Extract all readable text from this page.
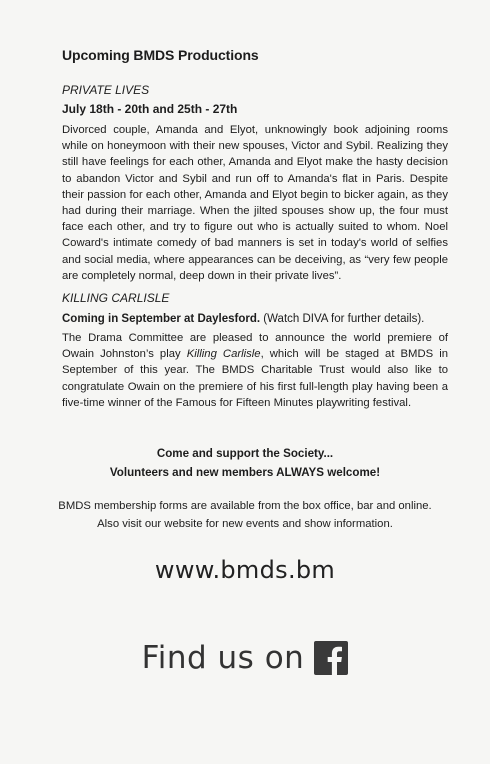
Upcoming BMDS Productions
PRIVATE LIVES
July 18th - 20th and 25th - 27th

Divorced couple, Amanda and Elyot, unknowingly book adjoining rooms while on honeymoon with their new spouses, Victor and Sybil. Realizing they still have feelings for each other, Amanda and Elyot make the hasty decision to abandon Victor and Sybil and run off to Amanda's flat in Paris. Despite their passion for each other, Amanda and Elyot begin to bicker again, as they had during their marriage. When the jilted spouses show up, the four must face each other, and try to figure out who is actually suited to whom. Noel Coward's intimate comedy of bad manners is set in today's world of selfies and social media, where appearances can be deceiving, as “very few people are completely normal, deep down in their private lives”.

KILLING CARLISLE
Coming in September at Daylesford. (Watch DIVA for further details).

The Drama Committee are pleased to announce the world premiere of Owain Johnston’s play Killing Carlisle, which will be staged at BMDS in September of this year. The BMDS Charitable Trust would also like to congratulate Owain on the premiere of his first full-length play having been a five-time winner of the Famous for Fifteen Minutes playwriting festival.

Come and support the Society...
Volunteers and new members ALWAYS welcome!
BMDS membership forms are available from the box office, bar and online.
Also visit our website for new events and show information.
www.bmds.bm
Find us on
